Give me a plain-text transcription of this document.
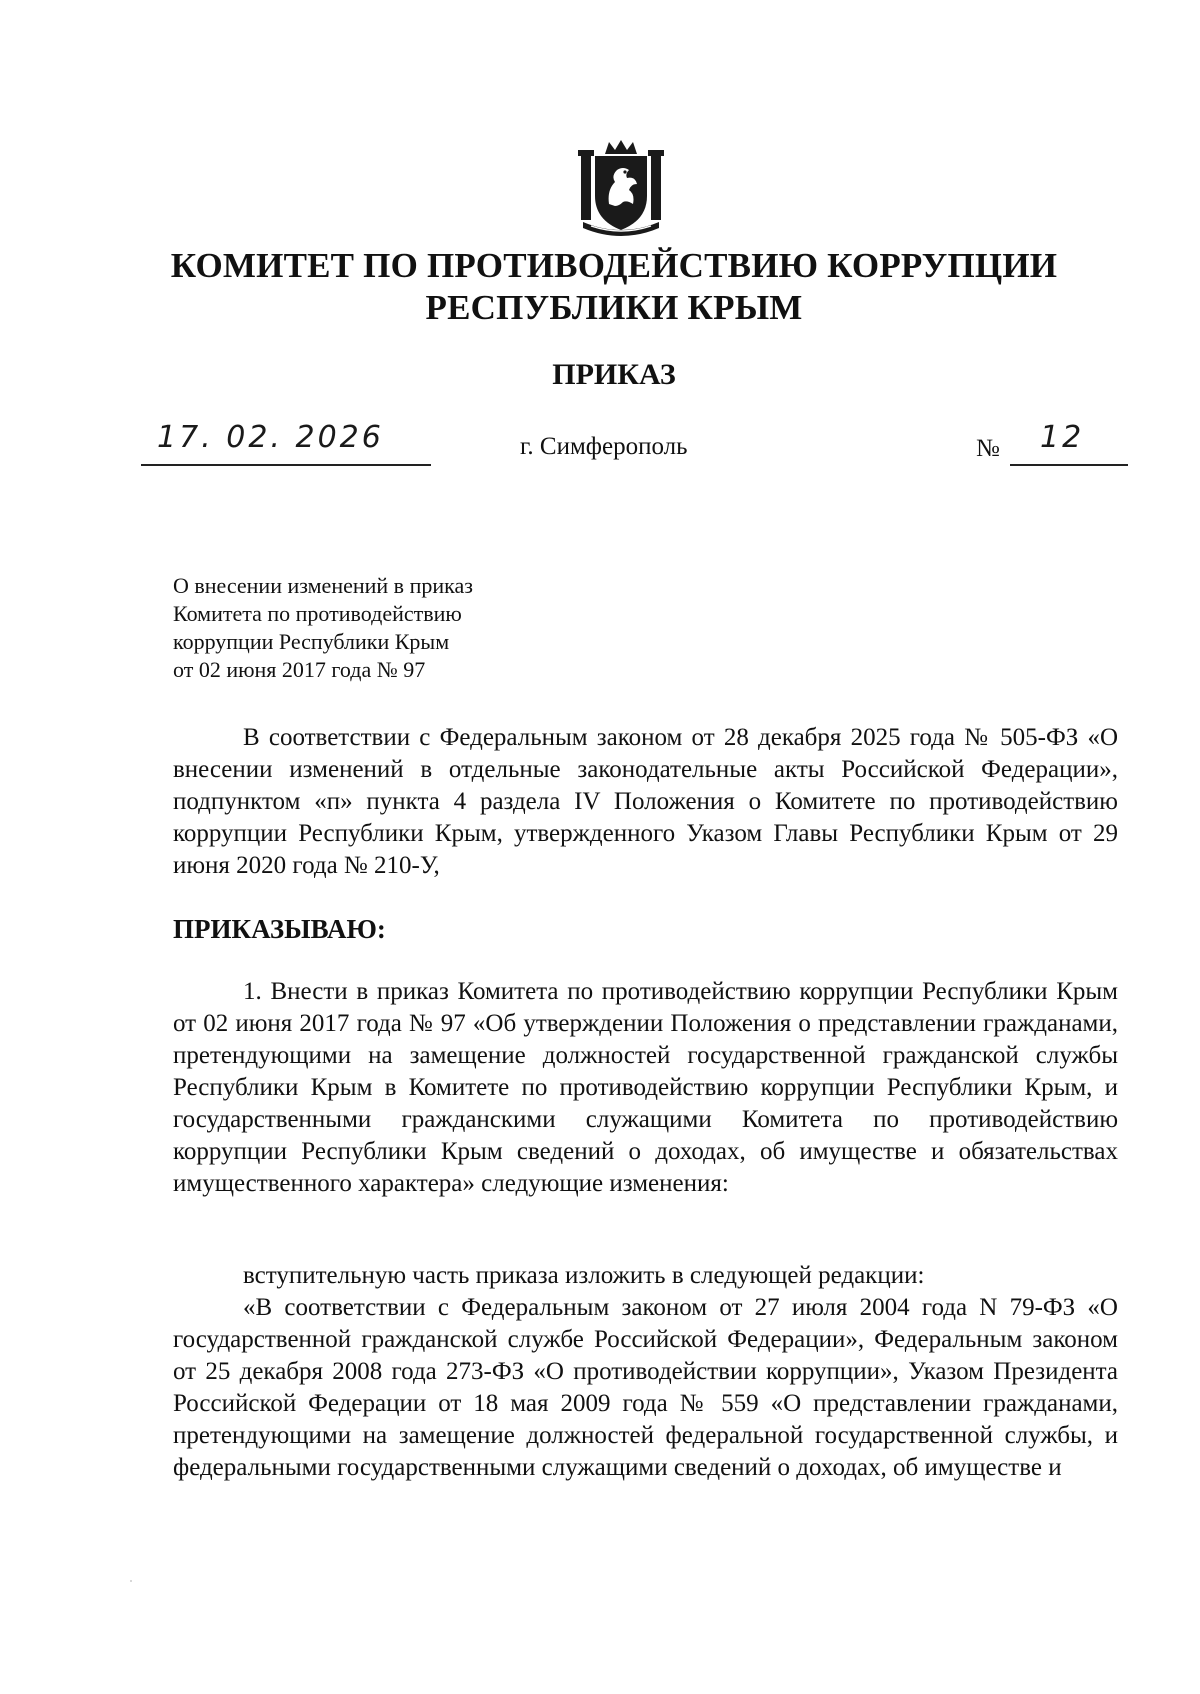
КОМИТЕТ ПО ПРОТИВОДЕЙСТВИЮ КОРРУПЦИИ
РЕСПУБЛИКИ КРЫМ
ПРИКАЗ
17. 02. 2026	г. Симферополь	№ 12
О внесении изменений в приказ
Комитета по противодействию
коррупции Республики Крым
от 02 июня 2017 года № 97
В соответствии с Федеральным законом от 28 декабря 2025 года № 505-ФЗ «О внесении изменений в отдельные законодательные акты Российской Федерации», подпунктом «п» пункта 4 раздела IV Положения о Комитете по противодействию коррупции Республики Крым, утвержденного Указом Главы Республики Крым от 29 июня 2020 года № 210-У,
ПРИКАЗЫВАЮ:
1. Внести в приказ Комитета по противодействию коррупции Республики Крым от 02 июня 2017 года № 97 «Об утверждении Положения о представлении гражданами, претендующими на замещение должностей государственной гражданской службы Республики Крым в Комитете по противодействию коррупции Республики Крым, и государственными гражданскими служащими Комитета по противодействию коррупции Республики Крым сведений о доходах, об имуществе и обязательствах имущественного характера» следующие изменения:
вступительную часть приказа изложить в следующей редакции:
«В соответствии с Федеральным законом от 27 июля 2004 года N 79-ФЗ «О государственной гражданской службе Российской Федерации», Федеральным законом от 25 декабря 2008 года 273-ФЗ «О противодействии коррупции», Указом Президента Российской Федерации от 18 мая 2009 года № 559 «О представлении гражданами, претендующими на замещение должностей федеральной государственной службы, и федеральными государственными служащими сведений о доходах, об имуществе и
